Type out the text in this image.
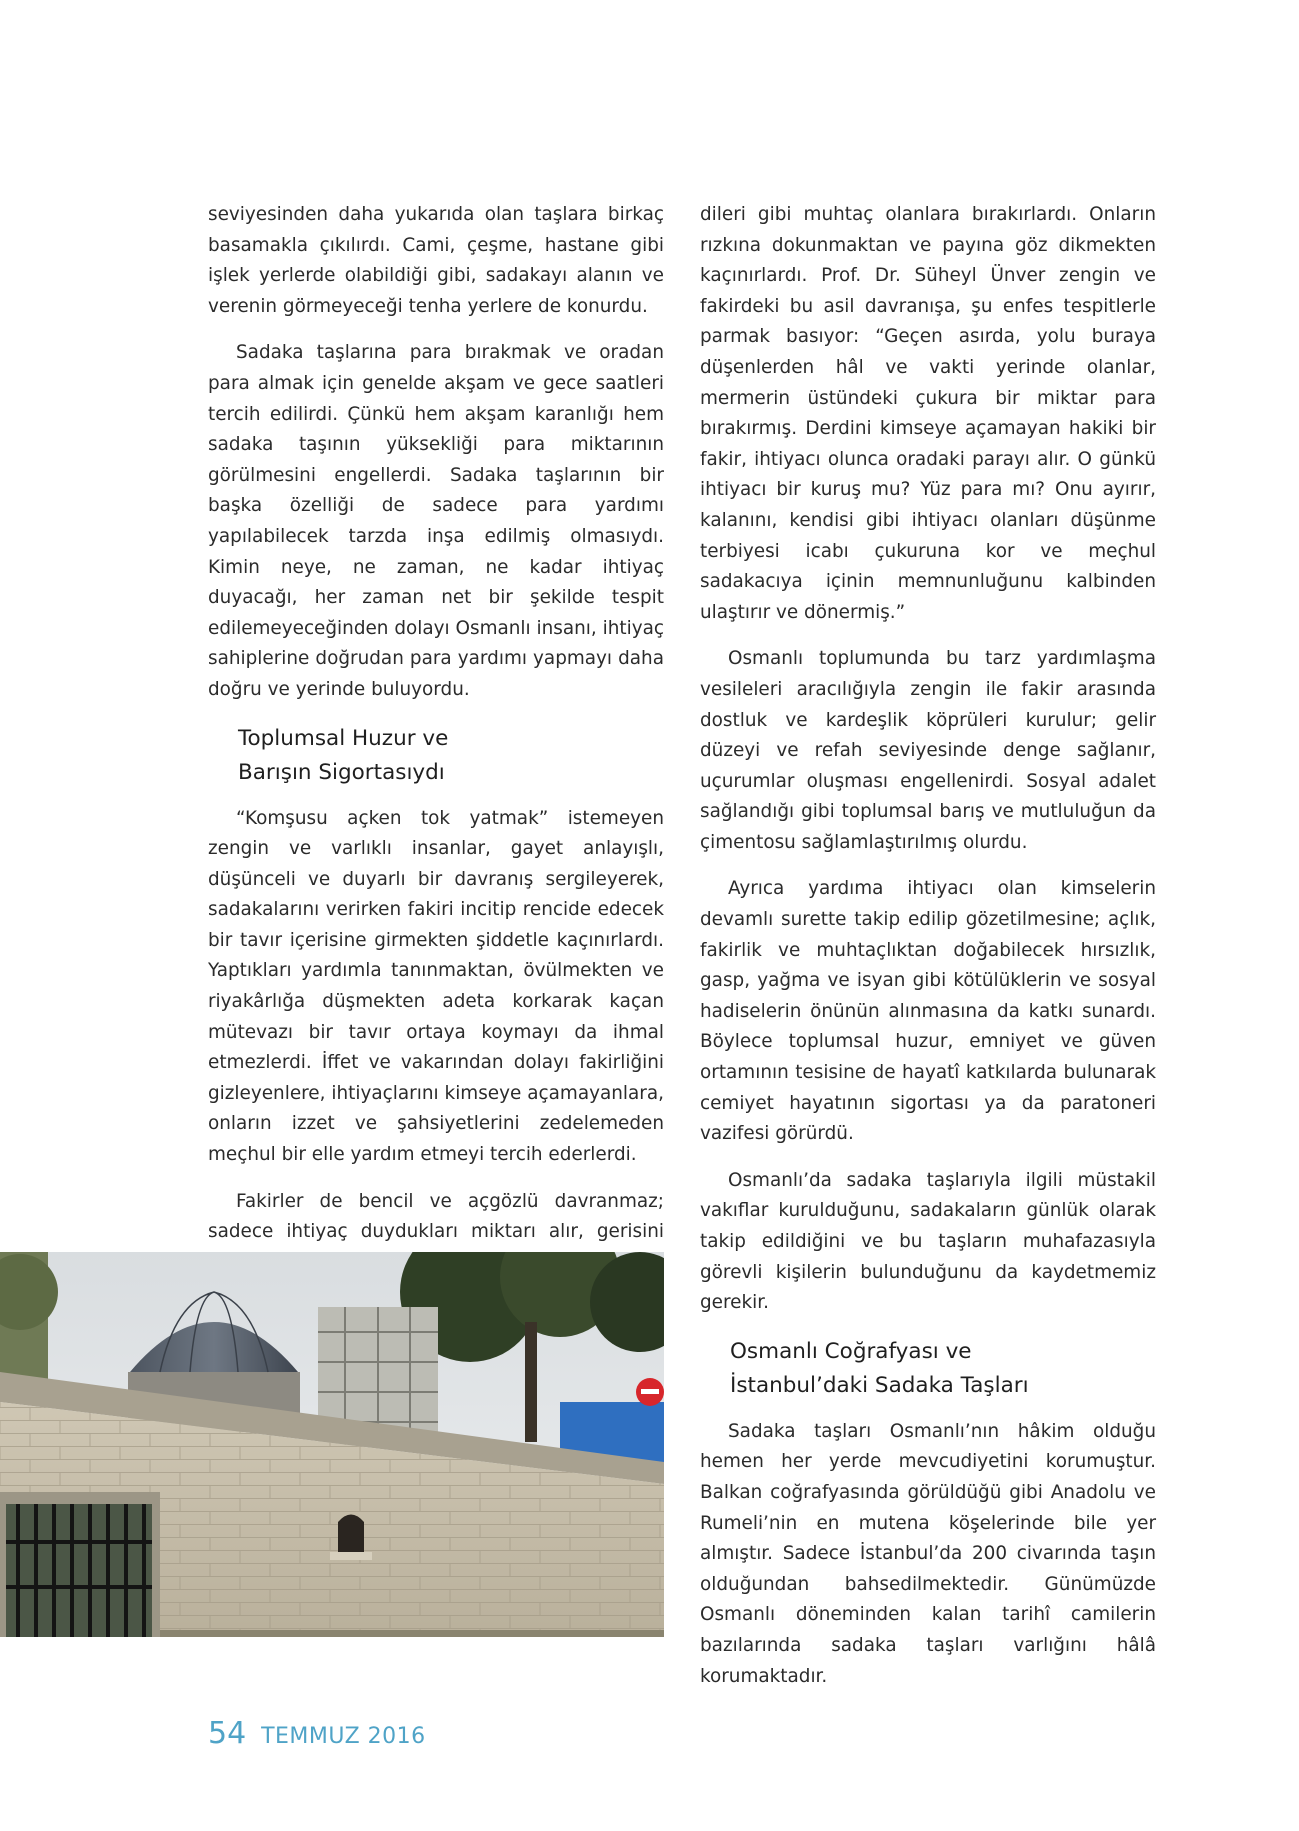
seviyesinden daha yukarıda olan taşlara birkaç basamakla çıkılırdı. Cami, çeşme, hastane gibi işlek yerlerde olabildiği gibi, sadakayı alanın ve verenin görmeyeceği tenha yerlere de konurdu.

Sadaka taşlarına para bırakmak ve oradan para almak için genelde akşam ve gece saatleri tercih edilirdi. Çünkü hem akşam karanlığı hem sadaka taşının yüksekliği para miktarının görülmesini engellerdi. Sadaka taşlarının bir başka özelliği de sadece para yardımı yapılabilecek tarzda inşa edilmiş olmasıydı. Kimin neye, ne zaman, ne kadar ihtiyaç duyacağı, her zaman net bir şekilde tespit edilemeyeceğinden dolayı Osmanlı insanı, ihtiyaç sahiplerine doğrudan para yardımı yapmayı daha doğru ve yerinde buluyordu.

Toplumsal Huzur ve
Barışın Sigortasıydı

“Komşusu açken tok yatmak” istemeyen zengin ve varlıklı insanlar, gayet anlayışlı, düşünceli ve duyarlı bir davranış sergileyerek, sadakalarını verirken fakiri incitip rencide edecek bir tavır içerisine girmekten şiddetle kaçınırlardı. Yaptıkları yardımla tanınmaktan, övülmekten ve riyakârlığa düşmekten adeta korkarak kaçan mütevazı bir tavır ortaya koymayı da ihmal etmezlerdi. İffet ve vakarından dolayı fakirliğini gizleyenlere, ihtiyaçlarını kimseye açamayanlara, onların izzet ve şahsiyetlerini zedelemeden meçhul bir elle yardım etmeyi tercih ederlerdi.

Fakirler de bencil ve açgözlü davranmaz; sadece ihtiyaç duydukları miktarı alır, gerisini

dileri gibi muhtaç olanlara bırakırlardı. Onların rızkına dokunmaktan ve payına göz dikmekten kaçınırlardı. Prof. Dr. Süheyl Ünver zengin ve fakirdeki bu asil davranışa, şu enfes tespitlerle parmak basıyor: “Geçen asırda, yolu buraya düşenlerden hâl ve vakti yerinde olanlar, mermerin üstündeki çukura bir miktar para bırakırmış. Derdini kimseye açamayan hakiki bir fakir, ihtiyacı olunca oradaki parayı alır. O günkü ihtiyacı bir kuruş mu? Yüz para mı? Onu ayırır, kalanını, kendisi gibi ihtiyacı olanları düşünme terbiyesi icabı çukuruna kor ve meçhul sadakacıya içinin memnunluğunu kalbinden ulaştırır ve dönermiş.”

Osmanlı toplumunda bu tarz yardımlaşma vesileleri aracılığıyla zengin ile fakir arasında dostluk ve kardeşlik köprüleri kurulur; gelir düzeyi ve refah seviyesinde denge sağlanır, uçurumlar oluşması engellenirdi. Sosyal adalet sağlandığı gibi toplumsal barış ve mutluluğun da çimentosu sağlamlaştırılmış olurdu.

Ayrıca yardıma ihtiyacı olan kimselerin devamlı surette takip edilip gözetilmesine; açlık, fakirlik ve muhtaçlıktan doğabilecek hırsızlık, gasp, yağma ve isyan gibi kötülüklerin ve sosyal hadiselerin önünün alınmasına da katkı sunardı. Böylece toplumsal huzur, emniyet ve güven ortamının tesisine de hayatî katkılarda bulunarak cemiyet hayatının sigortası ya da paratoneri vazifesi görürdü.

Osmanlı’da sadaka taşlarıyla ilgili müstakil vakıflar kurulduğunu, sadakaların günlük olarak takip edildiğini ve bu taşların muhafazasıyla görevli kişilerin bulunduğunu da kaydetmemiz gerekir.

Osmanlı Coğrafyası ve
İstanbul’daki Sadaka Taşları

Sadaka taşları Osmanlı’nın hâkim olduğu hemen her yerde mevcudiyetini korumuştur. Balkan coğrafyasında görüldüğü gibi Anadolu ve Rumeli’nin en mutena köşelerinde bile yer almıştır. Sadece İstanbul’da 200 civarında taşın olduğundan bahsedilmektedir. Günümüzde Osmanlı döneminden kalan tarihî camilerin bazılarında sadaka taşları varlığını hâlâ korumaktadır.

54 TEMMUZ 2016
